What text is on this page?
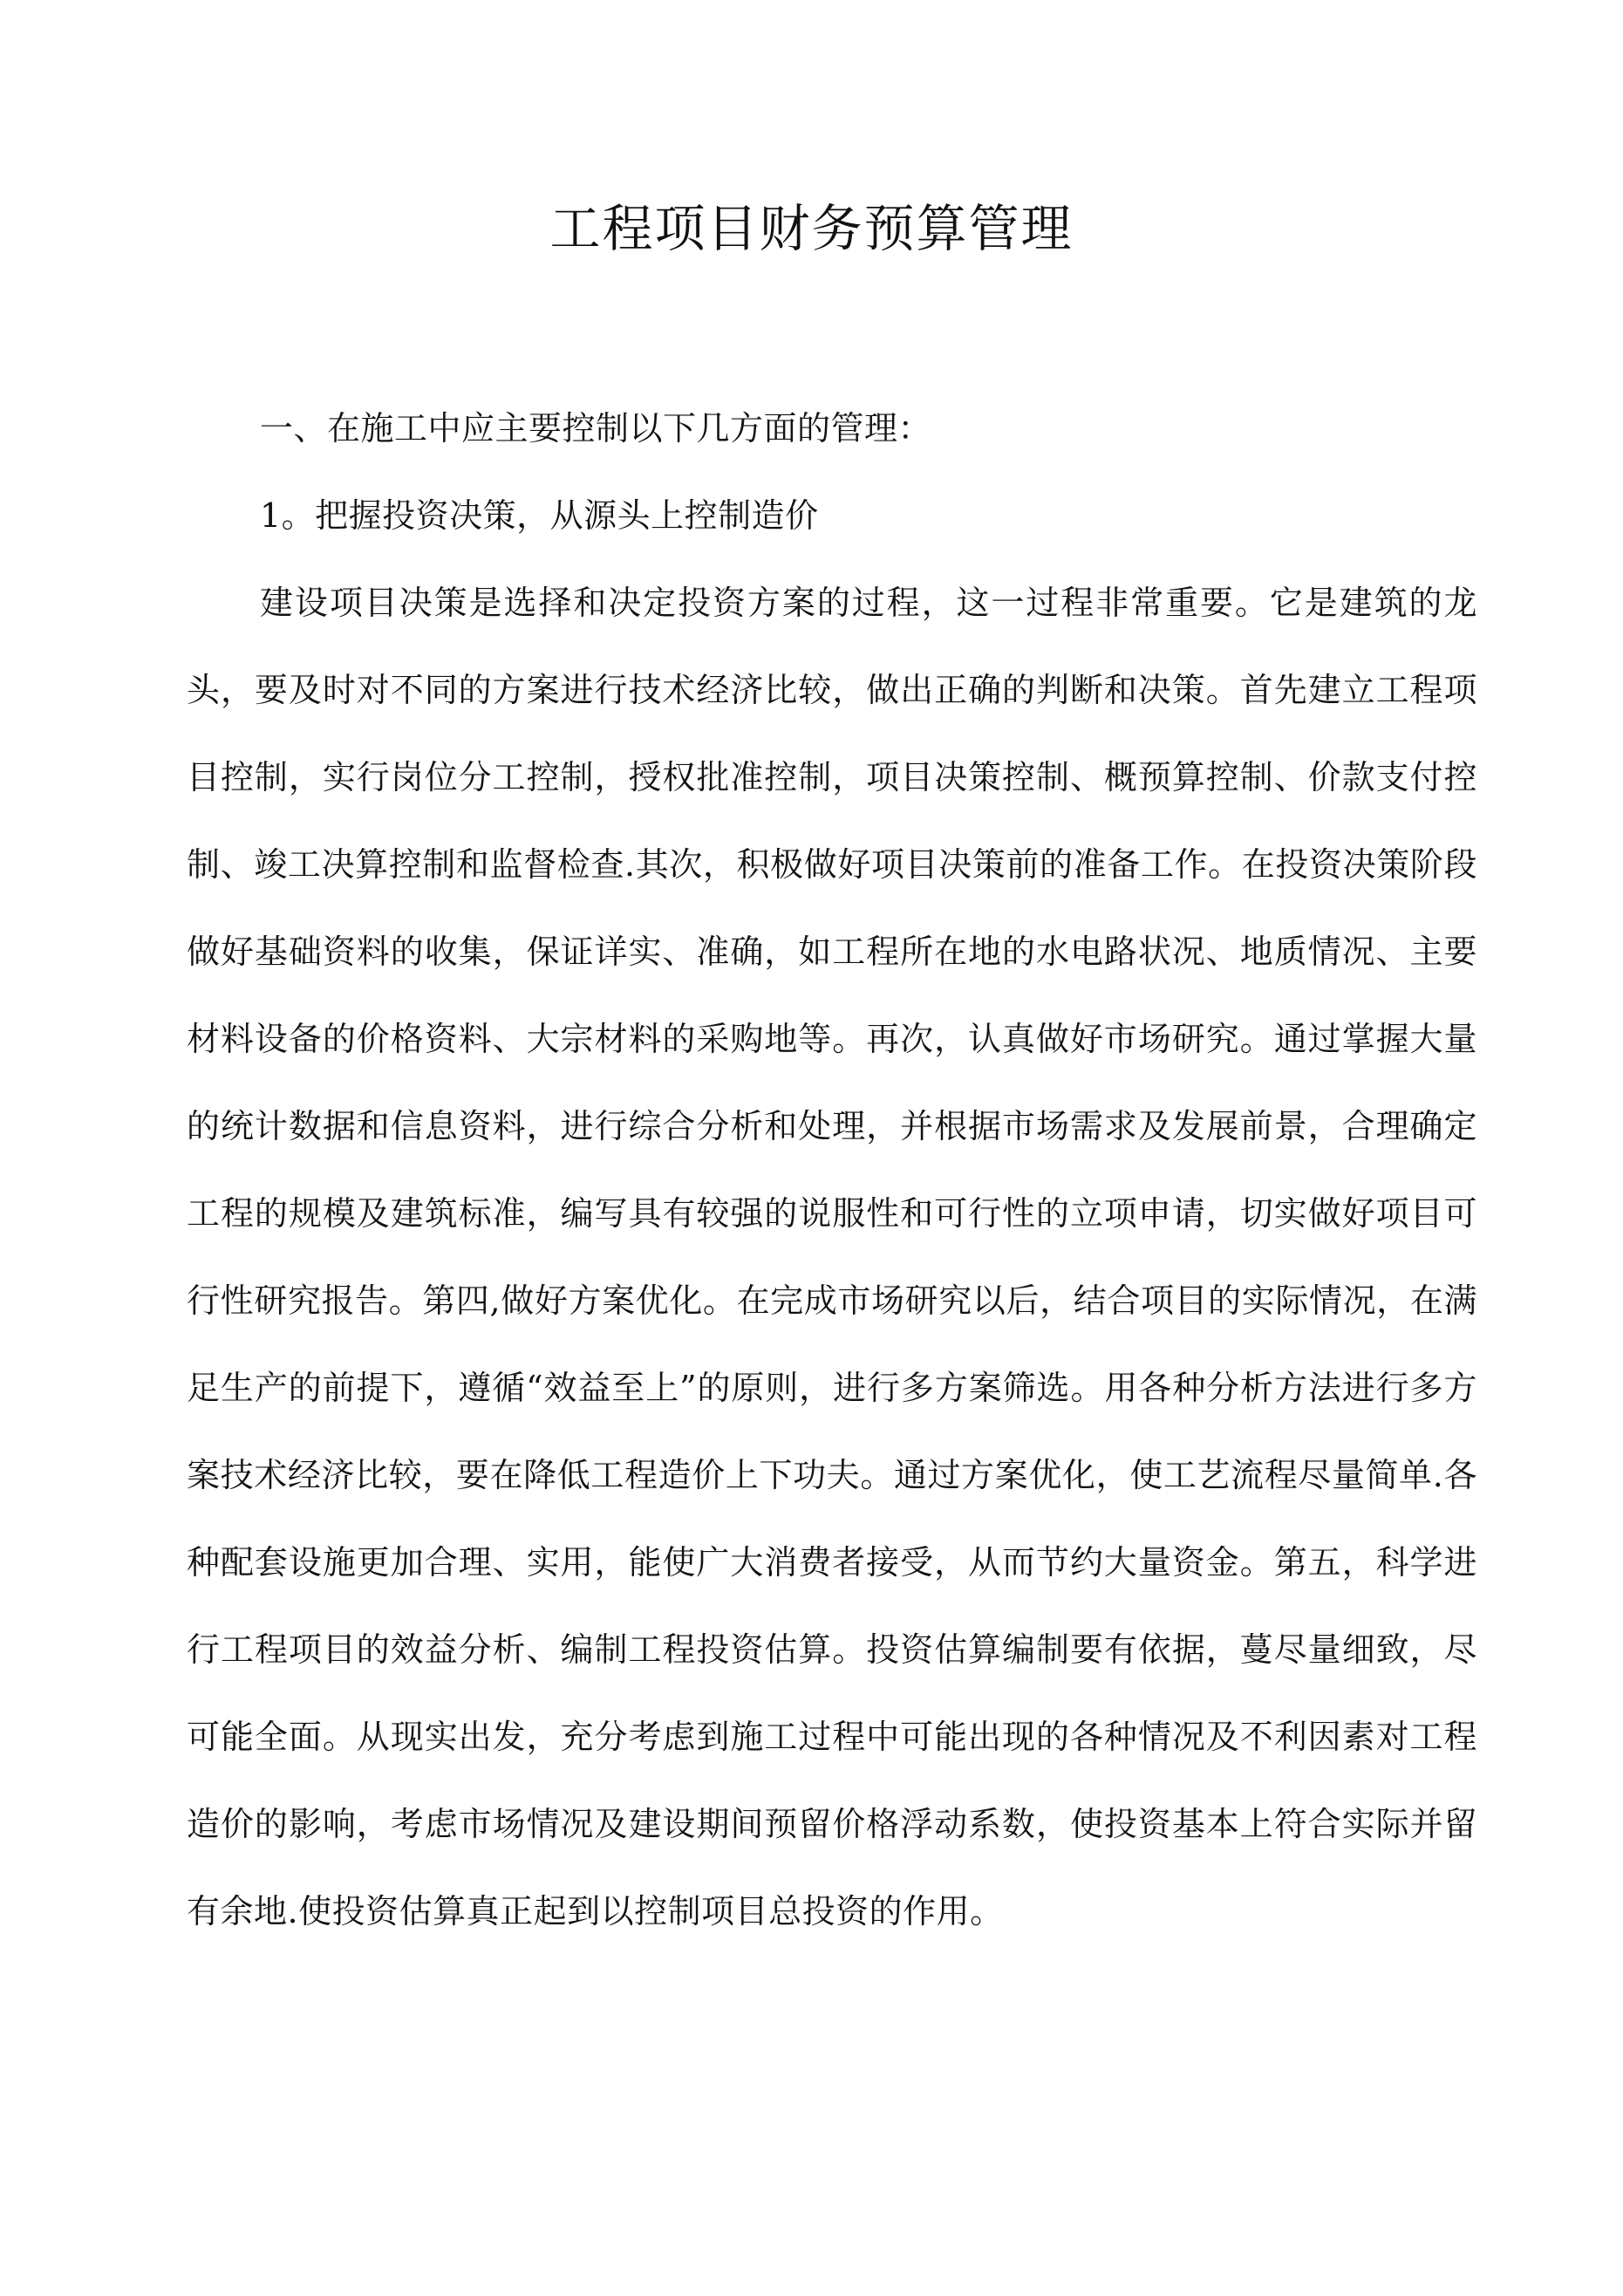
工程项目财务预算管理

一、在施工中应主要控制以下几方面的管理：

1。把握投资决策，从源头上控制造价

建设项目决策是选择和决定投资方案的过程，这一过程非常重要。它是建筑的龙头，要及时对不同的方案进行技术经济比较，做出正确的判断和决策。首先建立工程项目控制，实行岗位分工控制，授权批准控制，项目决策控制、概预算控制、价款支付控制、竣工决算控制和监督检查.其次，积极做好项目决策前的准备工作。在投资决策阶段做好基础资料的收集，保证详实、准确，如工程所在地的水电路状况、地质情况、主要材料设备的价格资料、大宗材料的采购地等。再次，认真做好市场研究。通过掌握大量的统计数据和信息资料，进行综合分析和处理，并根据市场需求及发展前景，合理确定工程的规模及建筑标准，编写具有较强的说服性和可行性的立项申请，切实做好项目可行性研究报告。第四,做好方案优化。在完成市场研究以后，结合项目的实际情况，在满足生产的前提下，遵循“效益至上”的原则，进行多方案筛选。用各种分析方法进行多方案技术经济比较，要在降低工程造价上下功夫。通过方案优化，使工艺流程尽量简单.各种配套设施更加合理、实用，能使广大消费者接受，从而节约大量资金。第五，科学进行工程项目的效益分析、编制工程投资估算。投资估算编制要有依据，蔓尽量细致，尽可能全面。从现实出发，充分考虑到施工过程中可能出现的各种情况及不利因素对工程造价的影响，考虑市场情况及建设期间预留价格浮动系数，使投资基本上符合实际并留有余地.使投资估算真正起到以控制项目总投资的作用。
